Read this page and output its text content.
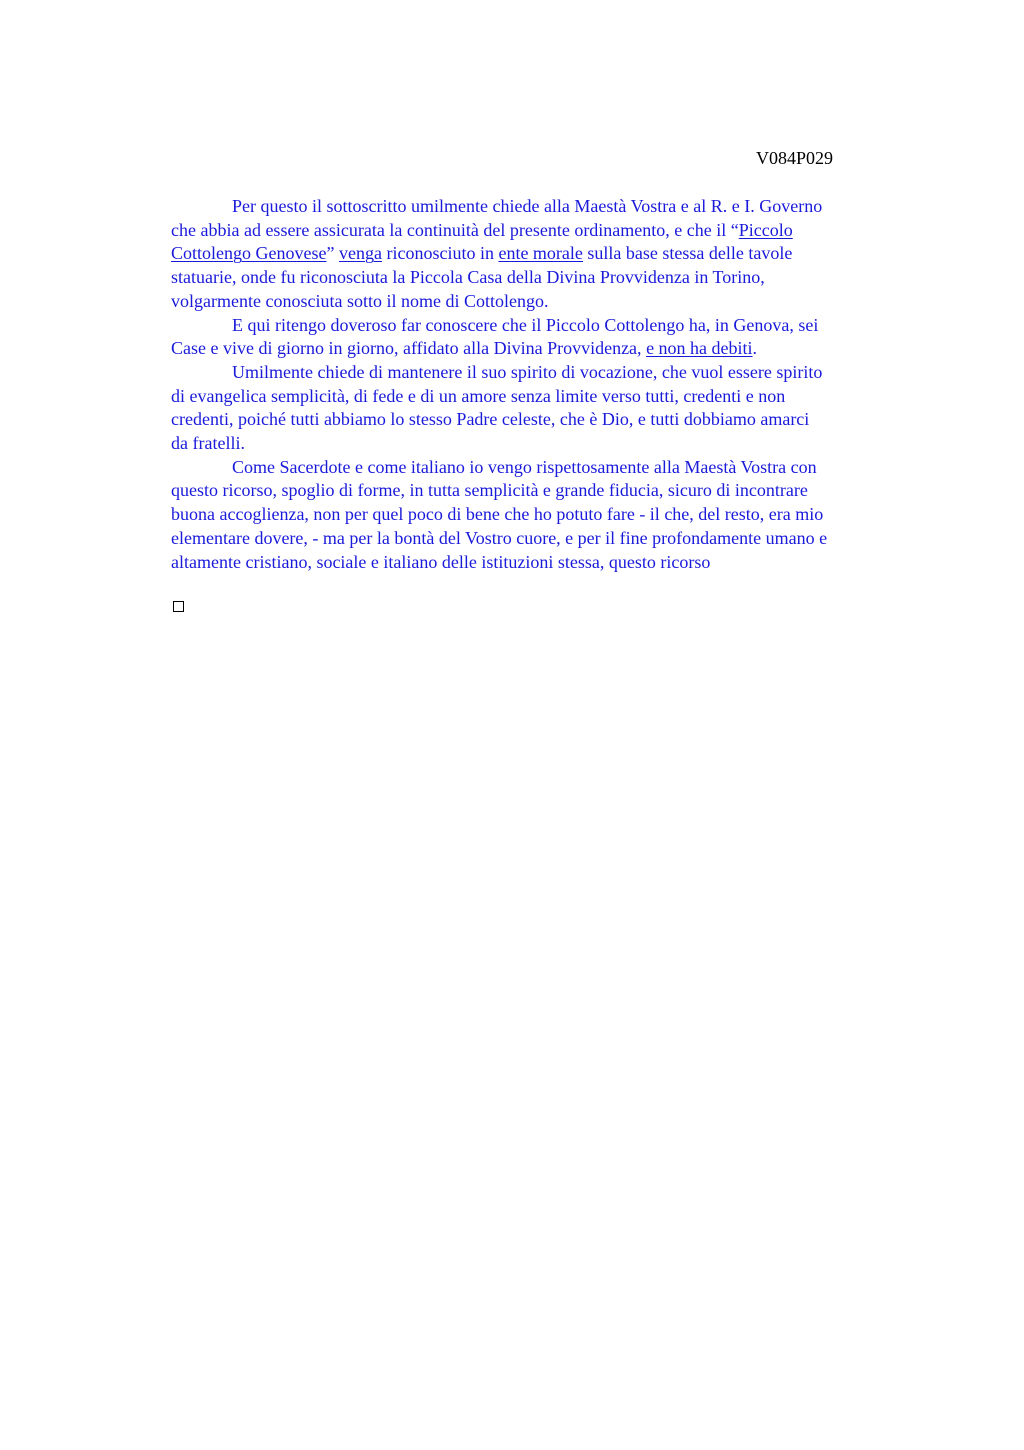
V084P029
Per questo il sottoscritto umilmente chiede alla Maestà Vostra e al R. e I. Governo
che abbia ad essere assicurata la continuità del presente ordinamento, e che il “Piccolo
Cottolengo Genovese” venga riconosciuto in ente morale sulla base stessa delle tavole
statuarie, onde fu riconosciuta la Piccola Casa della Divina Provvidenza in Torino,
volgarmente conosciuta sotto il nome di Cottolengo.
E qui ritengo doveroso far conoscere che il Piccolo Cottolengo ha, in Genova, sei
Case e vive di giorno in giorno, affidato alla Divina Provvidenza, e non ha debiti.
Umilmente chiede di mantenere il suo spirito di vocazione, che vuol essere spirito
di evangelica semplicità, di fede e di un amore senza limite verso tutti, credenti e non
credenti, poiché tutti abbiamo lo stesso Padre celeste, che è Dio, e tutti dobbiamo amarci
da fratelli.
Come Sacerdote e come italiano io vengo rispettosamente alla Maestà Vostra con
questo ricorso, spoglio di forme, in tutta semplicità e grande fiducia, sicuro di incontrare
buona accoglienza, non per quel poco di bene che ho potuto fare - il che, del resto, era mio
elementare dovere, - ma per la bontà del Vostro cuore, e per il fine profondamente umano e
altamente cristiano, sociale e italiano delle istituzioni stessa, questo ricorso
